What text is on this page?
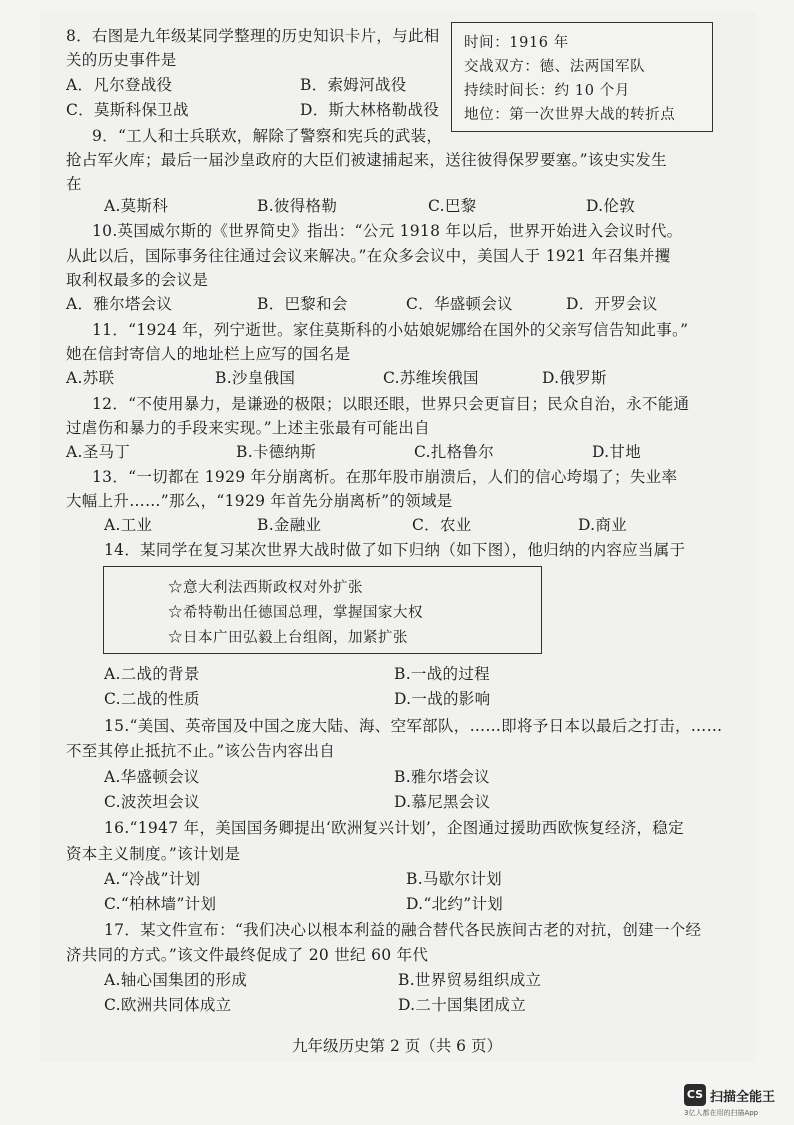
8．右图是九年级某同学整理的历史知识卡片，与此相
关的历史事件是
A．凡尔登战役	B．索姆河战役
C．莫斯科保卫战	D．斯大林格勒战役
时间：1916 年
交战双方：德、法两国军队
持续时间长：约 10 个月
地位：第一次世界大战的转折点
9．“工人和士兵联欢，解除了警察和宪兵的武装，
抢占军火库；最后一届沙皇政府的大臣们被逮捕起来，送往彼得保罗要塞。”该史实发生
在
A.莫斯科	B.彼得格勒	C.巴黎	D.伦敦
10.英国威尔斯的《世界简史》指出：“公元 1918 年以后，世界开始进入会议时代。
从此以后，国际事务往往通过会议来解决。”在众多会议中，美国人于 1921 年召集并攫
取利权最多的会议是
A．雅尔塔会议	B．巴黎和会	C．华盛顿会议	D．开罗会议
11．“1924 年，列宁逝世。家住莫斯科的小姑娘妮娜给在国外的父亲写信告知此事。”
她在信封寄信人的地址栏上应写的国名是
A.苏联	B.沙皇俄国	C.苏维埃俄国	D.俄罗斯
12．“不使用暴力，是谦逊的极限；以眼还眼，世界只会更盲目；民众自治，永不能通
过虐伤和暴力的手段来实现。”上述主张最有可能出自
A.圣马丁	B.卡德纳斯	C.扎格鲁尔	D.甘地
13．“一切都在 1929 年分崩离析。在那年股市崩溃后，人们的信心垮塌了；失业率
大幅上升……”那么，“1929 年首先分崩离析”的领域是
A.工业	B.金融业	C．农业	D.商业
14．某同学在复习某次世界大战时做了如下归纳（如下图），他归纳的内容应当属于
☆意大利法西斯政权对外扩张
☆希特勒出任德国总理，掌握国家大权
☆日本广田弘毅上台组阁，加紧扩张
A.二战的背景	B.一战的过程
C.二战的性质	D.一战的影响
15.“美国、英帝国及中国之庞大陆、海、空军部队，……即将予日本以最后之打击，……
不至其停止抵抗不止。”该公告内容出自
A.华盛顿会议	B.雅尔塔会议
C.波茨坦会议	D.慕尼黑会议
16.“1947 年，美国国务卿提出‘欧洲复兴计划’，企图通过援助西欧恢复经济，稳定
资本主义制度。”该计划是
A.“冷战”计划	B.马歇尔计划
C.“柏林墙”计划	D.“北约”计划
17．某文件宣布：“我们决心以根本利益的融合替代各民族间古老的对抗，创建一个经
济共同的方式。”该文件最终促成了 20 世纪 60 年代
A.轴心国集团的形成	B.世界贸易组织成立
C.欧洲共同体成立	D.二十国集团成立
九年级历史第 2 页（共 6 页）
CS 扫描全能王
3亿人都在用的扫描App
